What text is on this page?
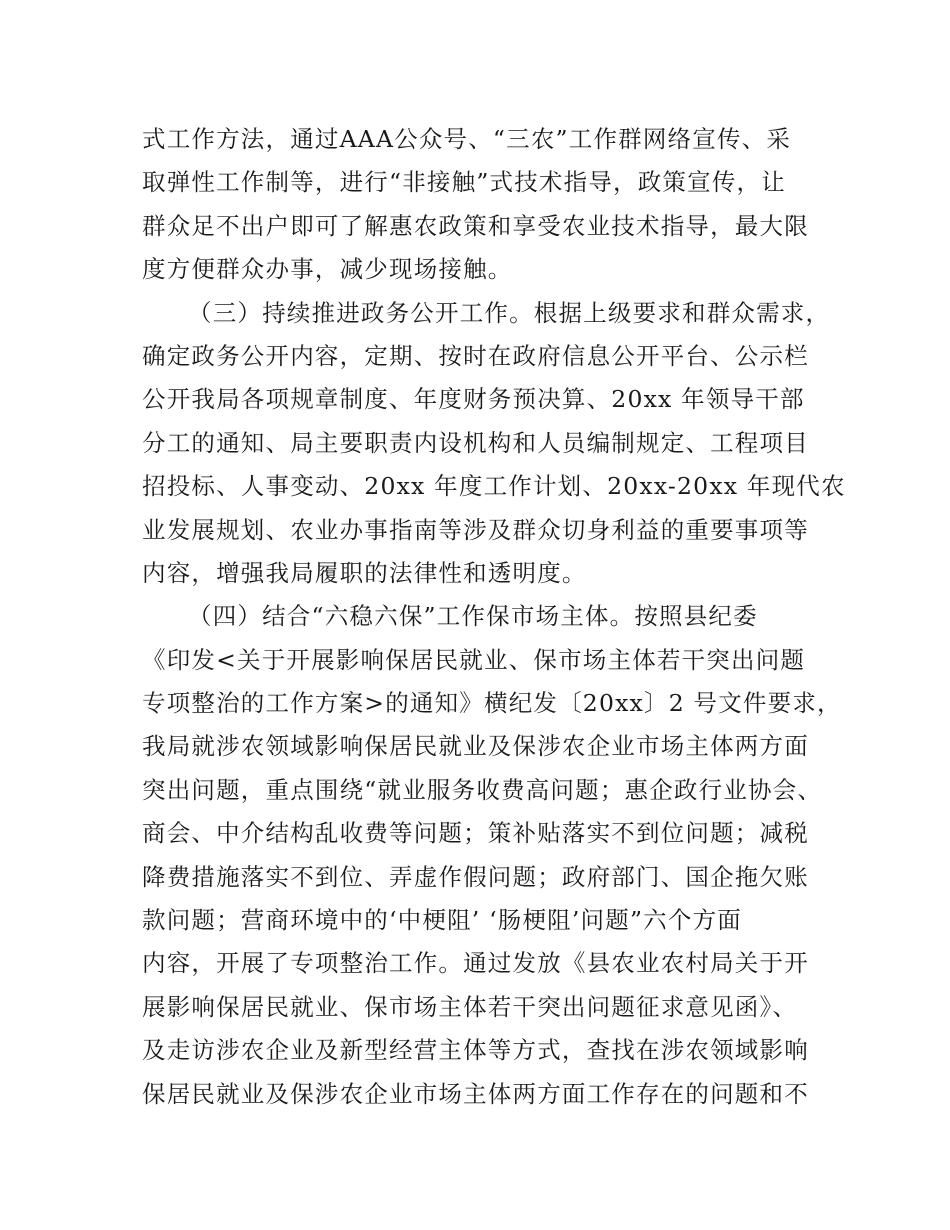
式工作方法，通过AAA公众号、“三农”工作群网络宣传、采
取弹性工作制等，进行“非接触”式技术指导，政策宣传，让
群众足不出户即可了解惠农政策和享受农业技术指导，最大限
度方便群众办事，减少现场接触。
（三）持续推进政务公开工作。根据上级要求和群众需求，
确定政务公开内容，定期、按时在政府信息公开平台、公示栏
公开我局各项规章制度、年度财务预决算、20xx 年领导干部
分工的通知、局主要职责内设机构和人员编制规定、工程项目
招投标、人事变动、20xx 年度工作计划、20xx-20xx 年现代农
业发展规划、农业办事指南等涉及群众切身利益的重要事项等
内容，增强我局履职的法律性和透明度。
（四）结合“六稳六保”工作保市场主体。按照县纪委
《印发<关于开展影响保居民就业、保市场主体若干突出问题
专项整治的工作方案>的通知》横纪发〔20xx〕2 号文件要求，
我局就涉农领域影响保居民就业及保涉农企业市场主体两方面
突出问题，重点围绕“就业服务收费高问题；惠企政行业协会、
商会、中介结构乱收费等问题；策补贴落实不到位问题；减税
降费措施落实不到位、弄虚作假问题；政府部门、国企拖欠账
款问题；营商环境中的‘中梗阻’ ‘肠梗阻’问题”六个方面
内容，开展了专项整治工作。通过发放《县农业农村局关于开
展影响保居民就业、保市场主体若干突出问题征求意见函》、
及走访涉农企业及新型经营主体等方式，查找在涉农领域影响
保居民就业及保涉农企业市场主体两方面工作存在的问题和不
